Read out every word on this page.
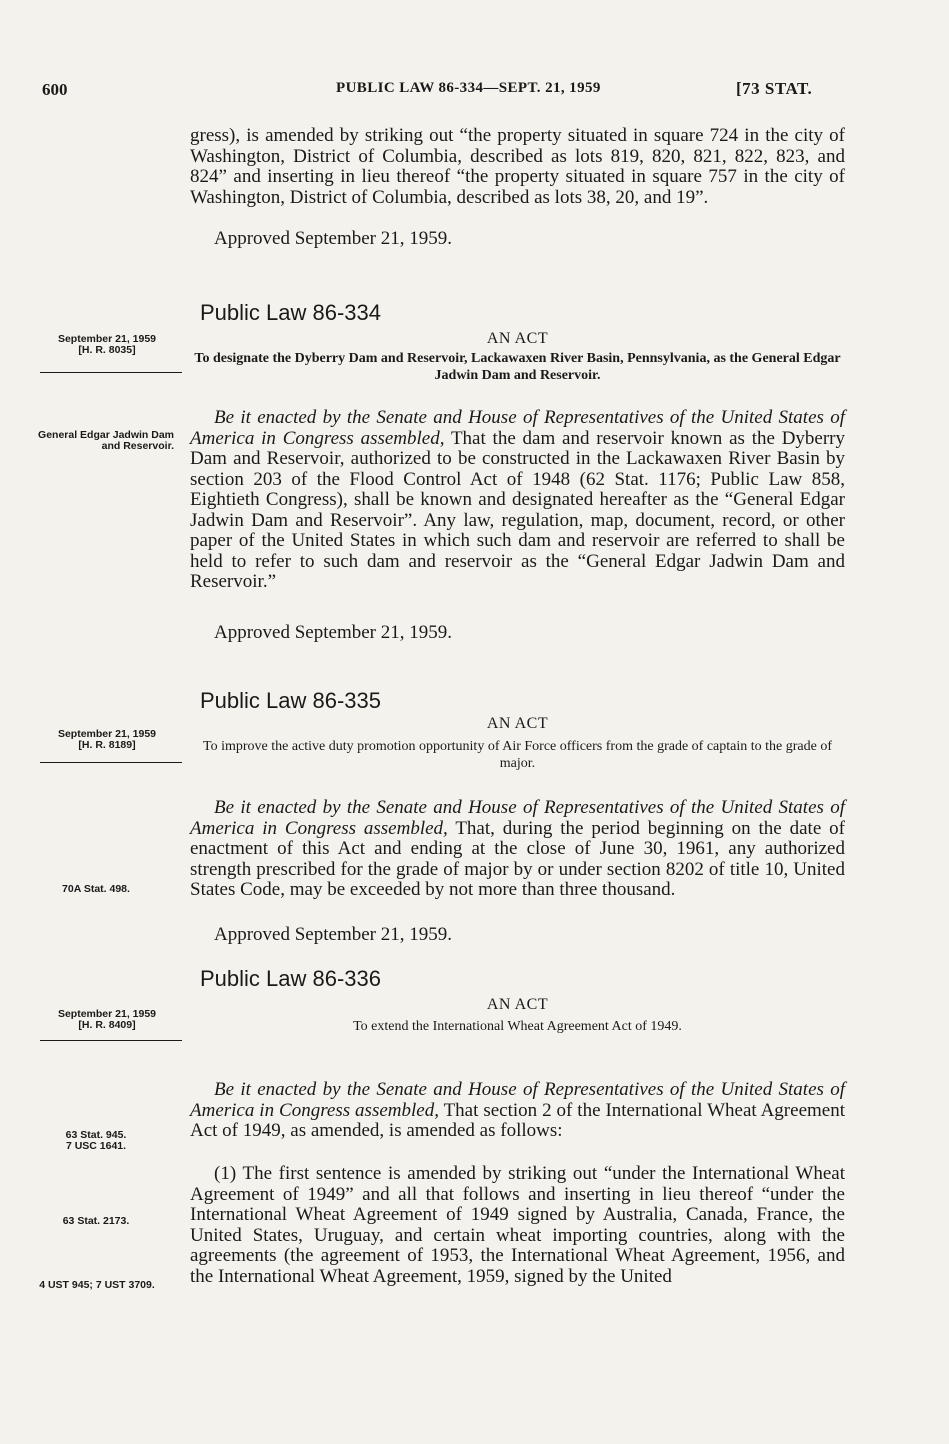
600	PUBLIC LAW 86-334—SEPT. 21, 1959	[73 STAT.
gress), is amended by striking out “the property situated in square 724 in the city of Washington, District of Columbia, described as lots 819, 820, 821, 822, 823, and 824” and inserting in lieu thereof “the property situated in square 757 in the city of Washington, District of Columbia, described as lots 38, 20, and 19”.
Approved September 21, 1959.
Public Law 86-334
AN ACT
September 21, 1959
[H. R. 8035]
To designate the Dyberry Dam and Reservoir, Lackawaxen River Basin, Pennsylvania, as the General Edgar Jadwin Dam and Reservoir.
General Edgar Jadwin Dam and Reservoir.
Be it enacted by the Senate and House of Representatives of the United States of America in Congress assembled, That the dam and reservoir known as the Dyberry Dam and Reservoir, authorized to be constructed in the Lackawaxen River Basin by section 203 of the Flood Control Act of 1948 (62 Stat. 1176; Public Law 858, Eightieth Congress), shall be known and designated hereafter as the “General Edgar Jadwin Dam and Reservoir”. Any law, regulation, map, document, record, or other paper of the United States in which such dam and reservoir are referred to shall be held to refer to such dam and reservoir as the “General Edgar Jadwin Dam and Reservoir.”
Approved September 21, 1959.
Public Law 86-335
AN ACT
September 21, 1959
[H. R. 8189]	To improve the active duty promotion opportunity of Air Force officers from the grade of captain to the grade of major.
Be it enacted by the Senate and House of Representatives of the United States of America in Congress assembled, That, during the period beginning on the date of enactment of this Act and ending at the close of June 30, 1961, any authorized strength prescribed for the grade of major by or under section 8202 of title 10, United States Code, may be exceeded by not more than three thousand.
70A Stat. 498.
Approved September 21, 1959.
Public Law 86-336
AN ACT
September 21, 1959
[H. R. 8409]	To extend the International Wheat Agreement Act of 1949.
Be it enacted by the Senate and House of Representatives of the United States of America in Congress assembled, That section 2 of the International Wheat Agreement Act of 1949, as amended, is amended as follows:
63 Stat. 945.
7 USC 1641.
(1) The first sentence is amended by striking out “under the International Wheat Agreement of 1949” and all that follows and inserting in lieu thereof “under the International Wheat Agreement of 1949 signed by Australia, Canada, France, the United States, Uruguay, and certain wheat importing countries, along with the agreements (the agreement of 1953, the International Wheat Agreement, 1956, and the International Wheat Agreement, 1959, signed by the United
63 Stat. 2173.
4 UST 945; 7 UST 3709.
